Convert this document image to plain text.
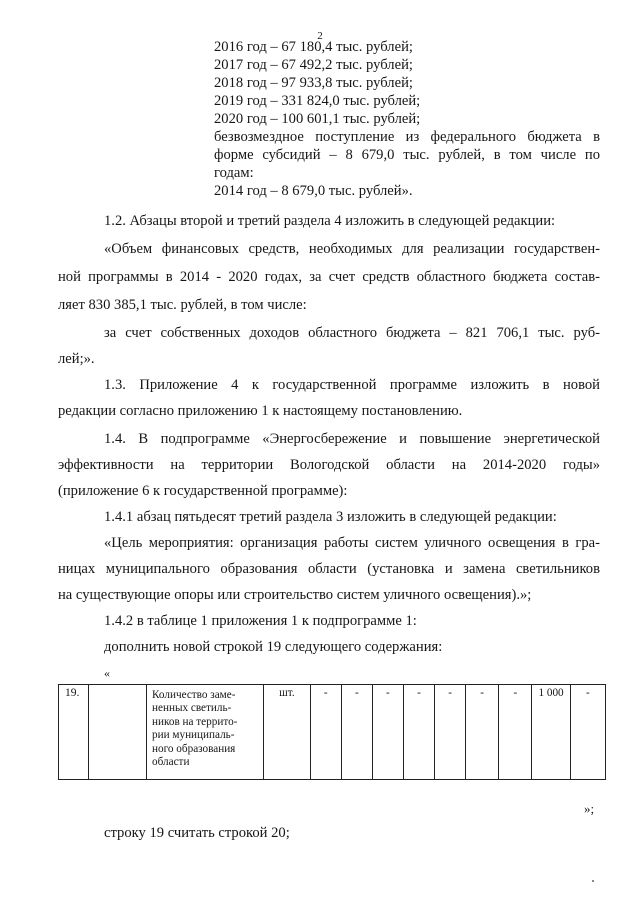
2

2016 год – 67 180,4 тыс. рублей;

2017 год – 67 492,2 тыс. рублей;

2018 год – 97 933,8 тыс. рублей;

2019 год – 331 824,0 тыс. рублей;

2020 год – 100 601,1 тыс. рублей;

безвозмездное поступление из федерального бюджета в

форме субсидий – 8 679,0 тыс. рублей, в том числе по

годам:

2014 год – 8 679,0 тыс. рублей».

1.2. Абзацы второй и третий раздела 4 изложить в следующей редакции:

«Объем финансовых средств, необходимых для реализации государствен-

ной программы в 2014 - 2020 годах, за счет средств областного бюджета состав-

ляет 830 385,1 тыс. рублей, в том числе:

за счет собственных доходов областного бюджета – 821 706,1 тыс. руб-

лей;».

1.3. Приложение 4 к государственной программе изложить в новой

редакции согласно приложению 1 к настоящему постановлению.

1.4. В подпрограмме «Энергосбережение и повышение энергетической

эффективности на территории Вологодской области на 2014-2020 годы»

(приложение 6 к государственной программе):

1.4.1 абзац пятьдесят третий раздела 3 изложить в следующей редакции:

«Цель мероприятия: организация работы систем уличного освещения в гра-

ницах муниципального образования области (установка и замена светильников

на существующие опоры или строительство систем уличного освещения).»;

1.4.2 в таблице 1 приложения 1 к подпрограмме 1:

дополнить новой строкой 19 следующего содержания:

«

19.		Количество заме-
ненных светиль-
ников на террито-
рии муниципаль-
ного образования
области
	шт.	-	-	-	-	-	-	-	1 000	-

»;

строку 19 считать строкой 20;
